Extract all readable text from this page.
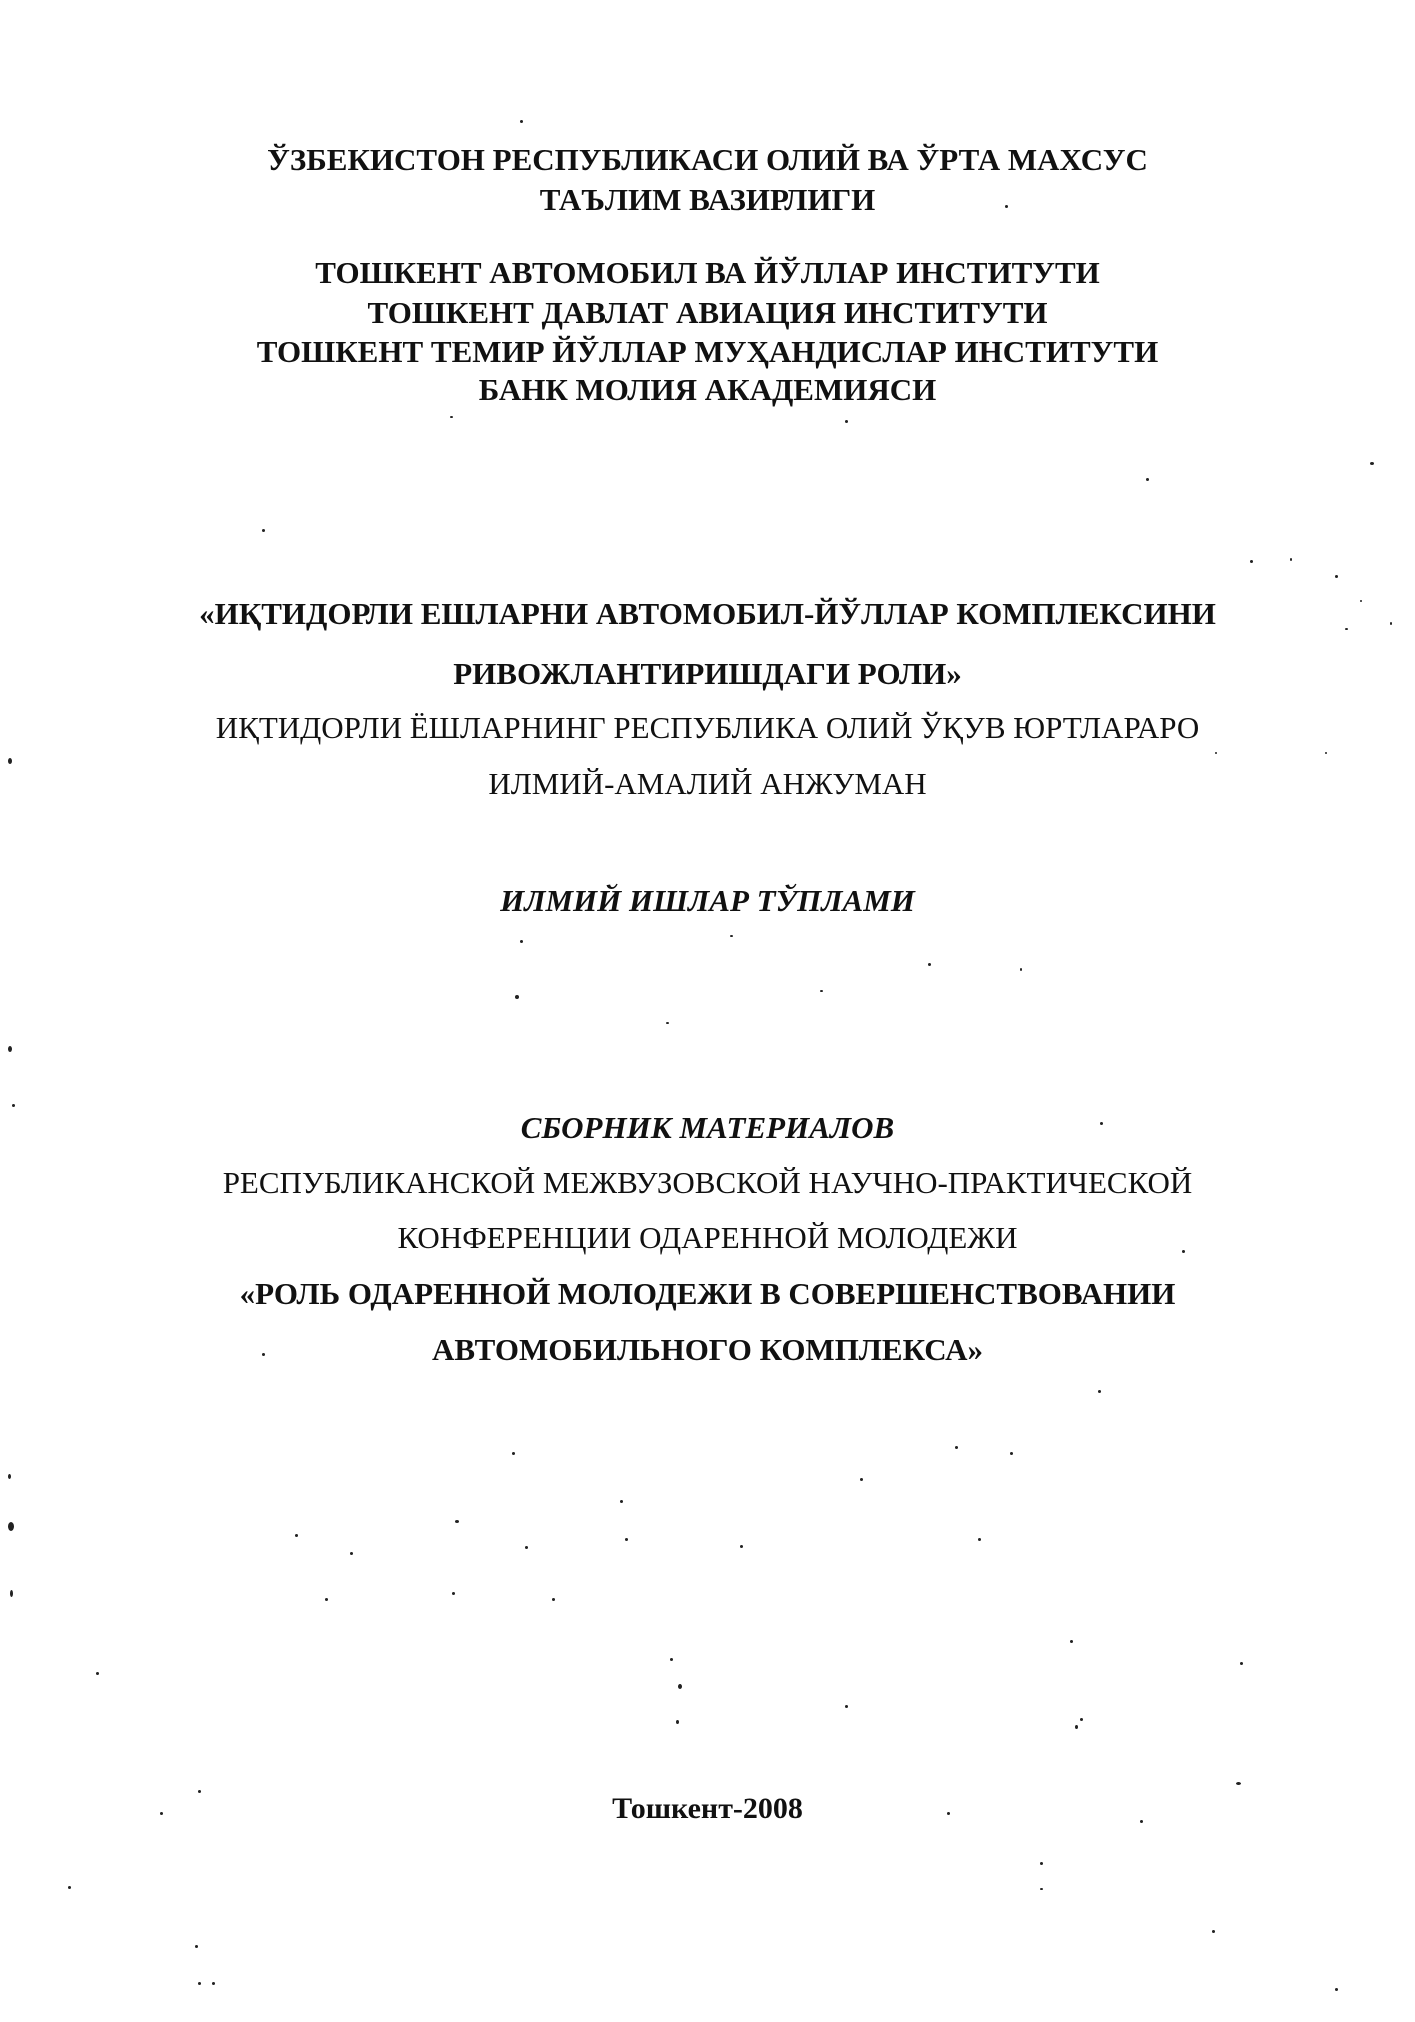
ЎЗБЕКИСТОН РЕСПУБЛИКАСИ ОЛИЙ ВА ЎРТА МАХСУС
ТАЪЛИМ ВАЗИРЛИГИ
ТОШКЕНТ АВТОМОБИЛ ВА ЙЎЛЛАР ИНСТИТУТИ
ТОШКЕНТ ДАВЛАТ АВИАЦИЯ ИНСТИТУТИ
ТОШКЕНТ ТЕМИР ЙЎЛЛАР МУҲАНДИСЛАР ИНСТИТУТИ
БАНК МОЛИЯ АКАДЕМИЯСИ
«ИҚТИДОРЛИ ЕШЛАРНИ АВТОМОБИЛ-ЙЎЛЛАР КОМПЛЕКСИНИ
РИВОЖЛАНТИРИШДАГИ РОЛИ»
ИҚТИДОРЛИ ЁШЛАРНИНГ РЕСПУБЛИКА ОЛИЙ ЎҚУВ ЮРТЛАРАРО
ИЛМИЙ-АМАЛИЙ АНЖУМАН
ИЛМИЙ ИШЛАР ТЎПЛАМИ
СБОРНИК МАТЕРИАЛОВ
РЕСПУБЛИКАНСКОЙ МЕЖВУЗОВСКОЙ НАУЧНО-ПРАКТИЧЕСКОЙ
КОНФЕРЕНЦИИ ОДАРЕННОЙ МОЛОДЕЖИ
«РОЛЬ ОДАРЕННОЙ МОЛОДЕЖИ В СОВЕРШЕНСТВОВАНИИ
АВТОМОБИЛЬНОГО КОМПЛЕКСА»
Тошкент-2008
